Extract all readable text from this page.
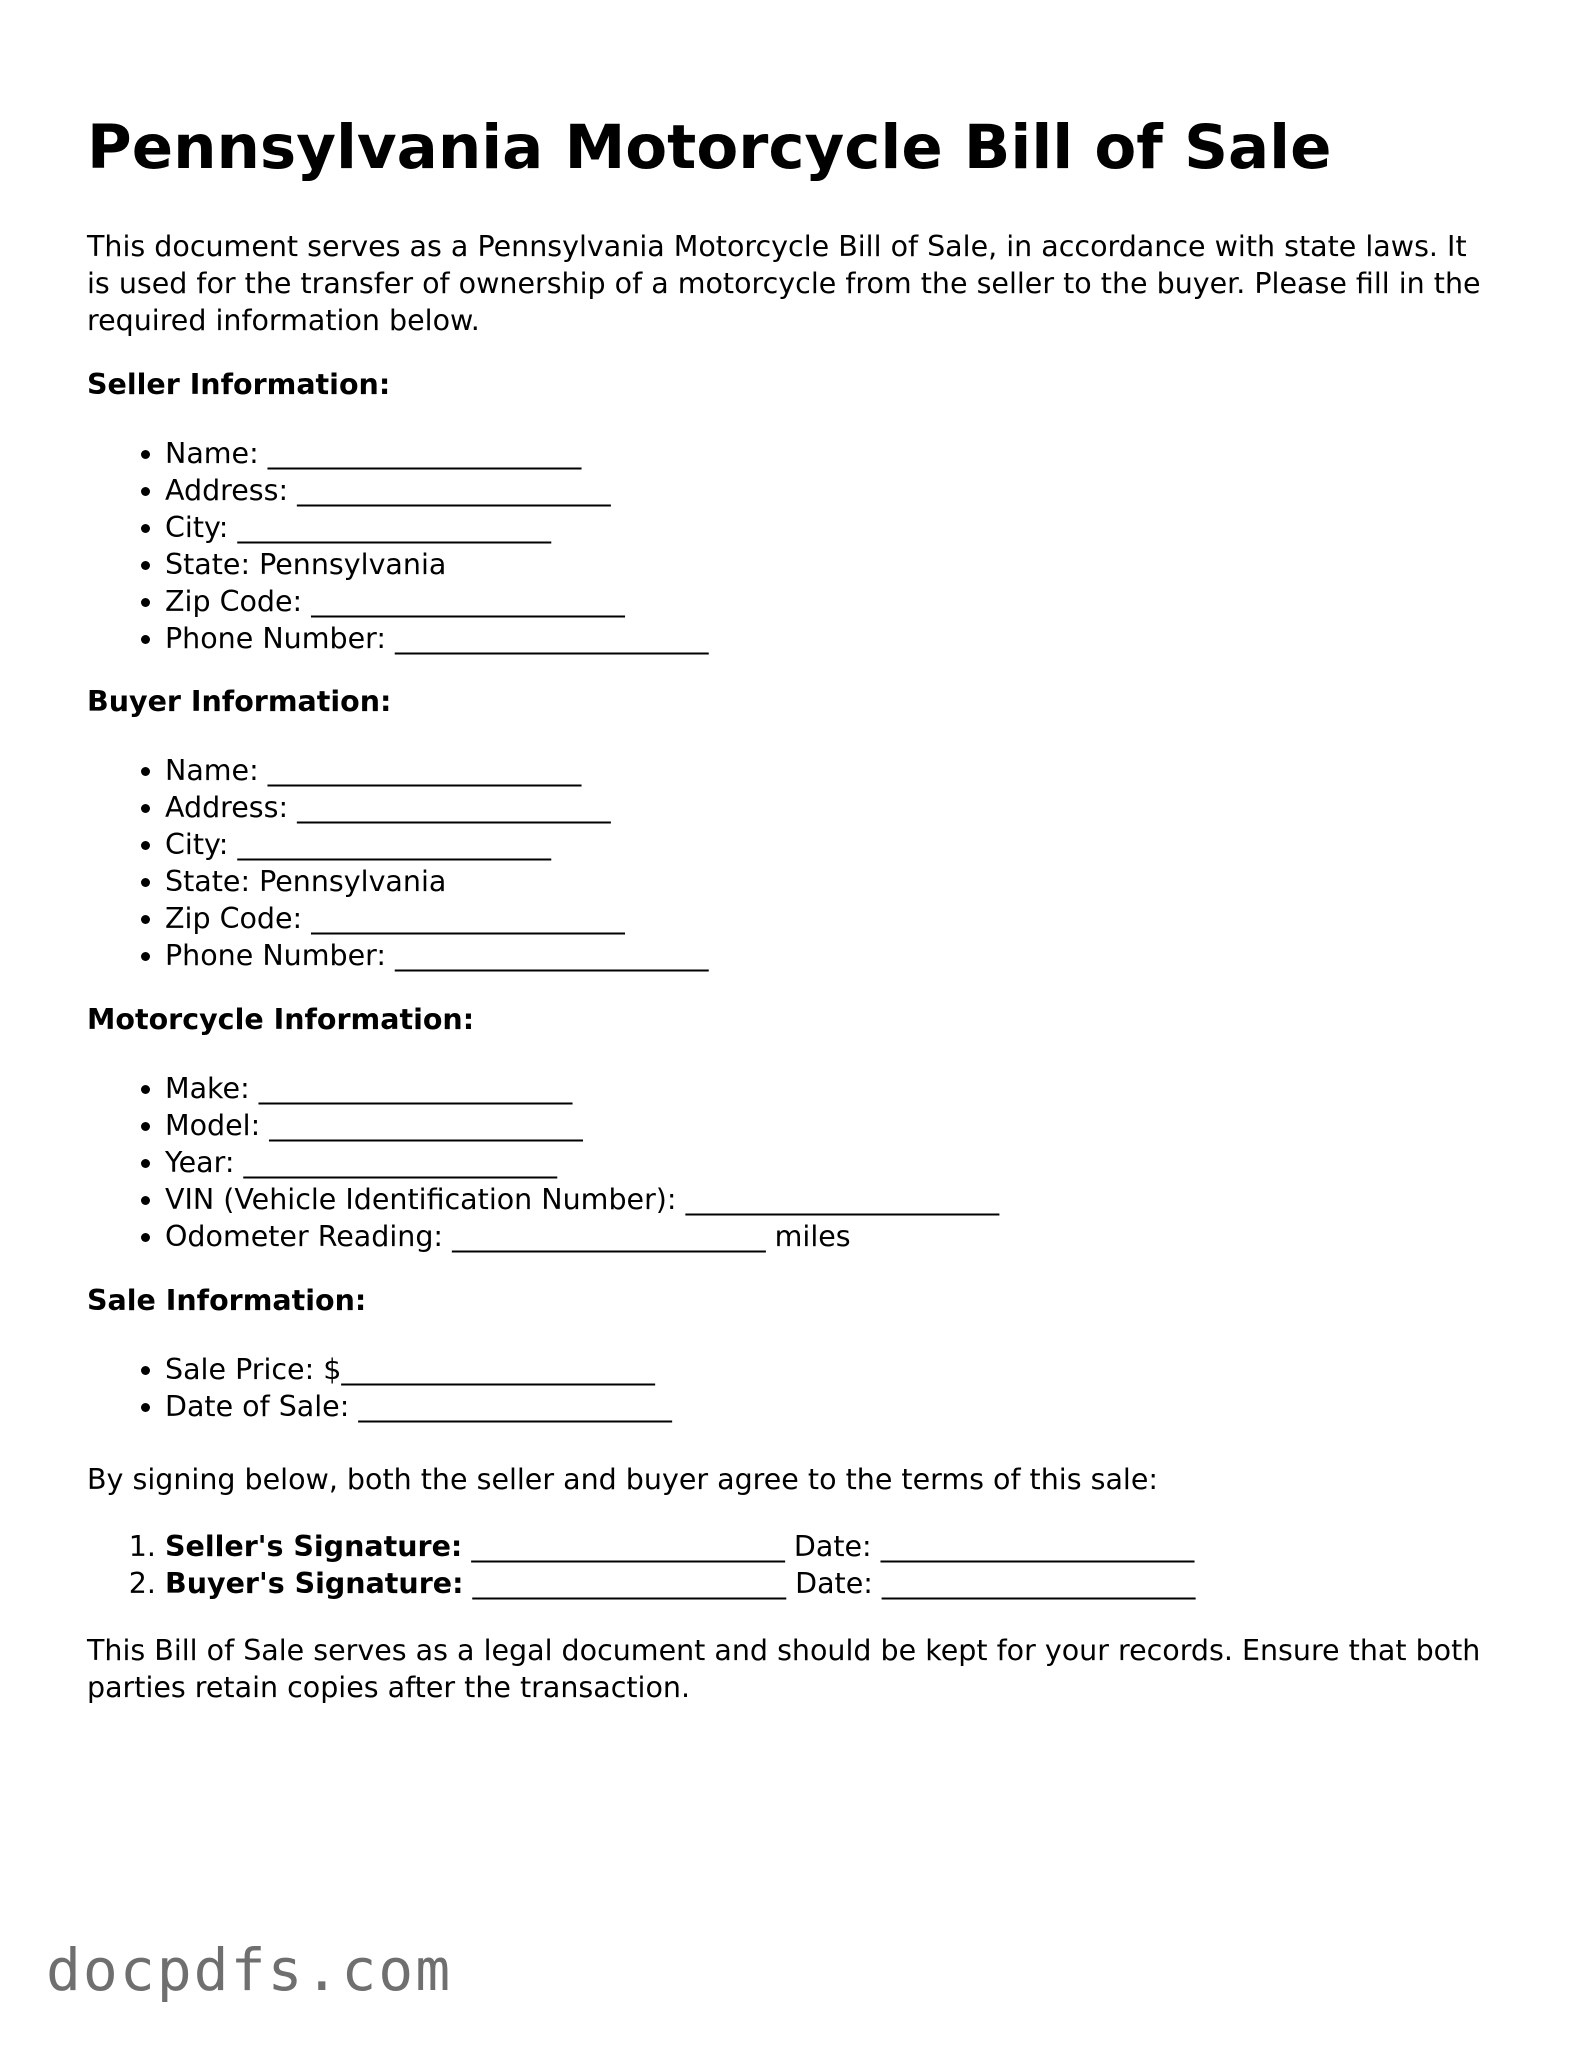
Pennsylvania Motorcycle Bill of Sale

This document serves as a Pennsylvania Motorcycle Bill of Sale, in accordance with state laws. It is used for the transfer of ownership of a motorcycle from the seller to the buyer. Please fill in the required information below.

Seller Information:

• Name: ______________________
• Address: ______________________
• City: ______________________
• State: Pennsylvania
• Zip Code: ______________________
• Phone Number: ______________________

Buyer Information:

• Name: ______________________
• Address: ______________________
• City: ______________________
• State: Pennsylvania
• Zip Code: ______________________
• Phone Number: ______________________

Motorcycle Information:

• Make: ______________________
• Model: ______________________
• Year: ______________________
• VIN (Vehicle Identification Number): ______________________
• Odometer Reading: ______________________ miles

Sale Information:

• Sale Price: $______________________
• Date of Sale: ______________________

By signing below, both the seller and buyer agree to the terms of this sale:

1. Seller's Signature: ______________________ Date: ______________________
2. Buyer's Signature: ______________________ Date: ______________________

This Bill of Sale serves as a legal document and should be kept for your records. Ensure that both parties retain copies after the transaction.

docpdfs.com
